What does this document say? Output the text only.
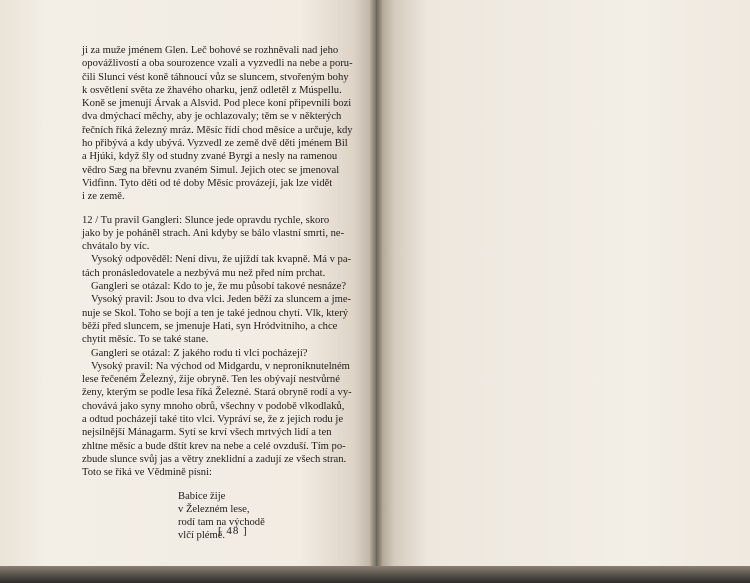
ji za muže jménem Glen. Leč bohové se rozhněvali nad jeho
opovážlivostí a oba sourozence vzali a vyzvedli na nebe a poru-
čili Slunci vést koně táhnoucí vůz se sluncem, stvořeným bohy
k osvětlení světa ze žhavého oharku, jenž odletěl z Múspellu.
Koně se jmenují Árvak a Alsvid. Pod plece koní připevnili bozi
dva dmýchací měchy, aby je ochlazovaly; těm se v některých
řečních říká železný mráz. Měsíc řídí chod měsíce a určuje, kdy
ho přibývá a kdy ubývá. Vyzvedl ze země dvě děti jménem Bil
a Hjúki, když šly od studny zvané Byrgi a nesly na ramenou
vědro Sæg na břevnu zvaném Simul. Jejich otec se jmenoval
Vidfinn. Tyto děti od té doby Měsíc provázejí, jak lze vidět
i ze země.
12 / Tu pravil Gangleri: Slunce jede opravdu rychle, skoro
jako by je poháněl strach. Ani kdyby se bálo vlastní smrti, ne-
chvátalo by víc.
Vysoký odpověděl: Není divu, že ujíždí tak kvapně. Má v pa-
tách pronásledovatele a nezbývá mu než před ním prchat.
Gangleri se otázal: Kdo to je, že mu působí takové nesnáze?
Vysoký pravil: Jsou to dva vlci. Jeden běží za sluncem a jme-
nuje se Skol. Toho se bojí a ten je také jednou chytí. Vlk, který
běží před sluncem, se jmenuje Hati, syn Hródvitniho, a chce
chytit měsíc. To se také stane.
Gangleri se otázal: Z jakého rodu ti vlci pocházejí?
Vysoký pravil: Na východ od Midgardu, v neproniknutelném
lese řečeném Železný, žije obryně. Ten les obývají nestvůrné
ženy, kterým se podle lesa říká Železné. Stará obryně rodí a vy-
chovává jako syny mnoho obrů, všechny v podobě vlkodlaků,
a odtud pocházejí také tito vlci. Vypráví se, že z jejich rodu je
nejsilnější Mánagarm. Sytí se krví všech mrtvých lidí a ten
zhltne měsíc a bude dštít krev na nebe a celé ovzduší. Tím po-
zbude slunce svůj jas a větry zneklidní a zadují ze všech stran.
Toto se říká ve Vědmině písni:
Babice žije
v Železném lese,
rodí tam na východě
vlčí plémě.
[ 48 ]
